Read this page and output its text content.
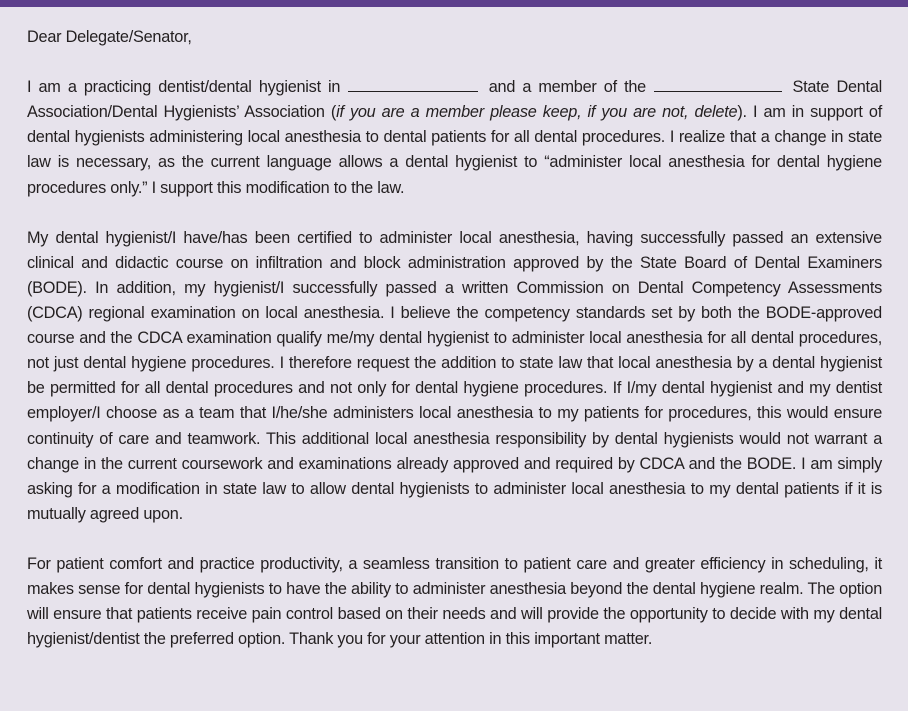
Dear Delegate/Senator,

I am a practicing dentist/dental hygienist in	and a member of the	State Dental Association/Dental Hygienists’ Association (if you are a member please keep, if you are not, delete). I am in support of dental hygienists administering local anesthesia to dental patients for all dental procedures. I realize that a change in state law is necessary, as the current language allows a dental hygienist to “administer local anesthesia for dental hygiene procedures only.” I support this modification to the law.

My dental hygienist/I have/has been certified to administer local anesthesia, having successfully passed an extensive clinical and didactic course on infiltration and block administration approved by the State Board of Dental Examiners (BODE). In addition, my hygienist/I successfully passed a written Commission on Dental Competency Assessments (CDCA) regional examination on local anesthesia. I believe the competency standards set by both the BODE-approved course and the CDCA examination qualify me/my dental hygienist to administer local anesthesia for all dental procedures, not just dental hygiene procedures. I therefore request the addition to state law that local anesthesia by a dental hygienist be permitted for all dental procedures and not only for dental hygiene procedures. If I/my dental hygienist and my dentist employer/I choose as a team that I/he/she administers local anesthesia to my patients for procedures, this would ensure continuity of care and teamwork. This additional local anesthesia responsibility by dental hygienists would not warrant a change in the current coursework and examinations already approved and required by CDCA and the BODE. I am simply asking for a modification in state law to allow dental hygienists to administer local anesthesia to my dental patients if it is mutually agreed upon.

For patient comfort and practice productivity, a seamless transition to patient care and greater efficiency in scheduling, it makes sense for dental hygienists to have the ability to administer anesthesia beyond the dental hygiene realm. The option will ensure that patients receive pain control based on their needs and will provide the opportunity to decide with my dental hygienist/dentist the preferred option. Thank you for your attention in this important matter.
